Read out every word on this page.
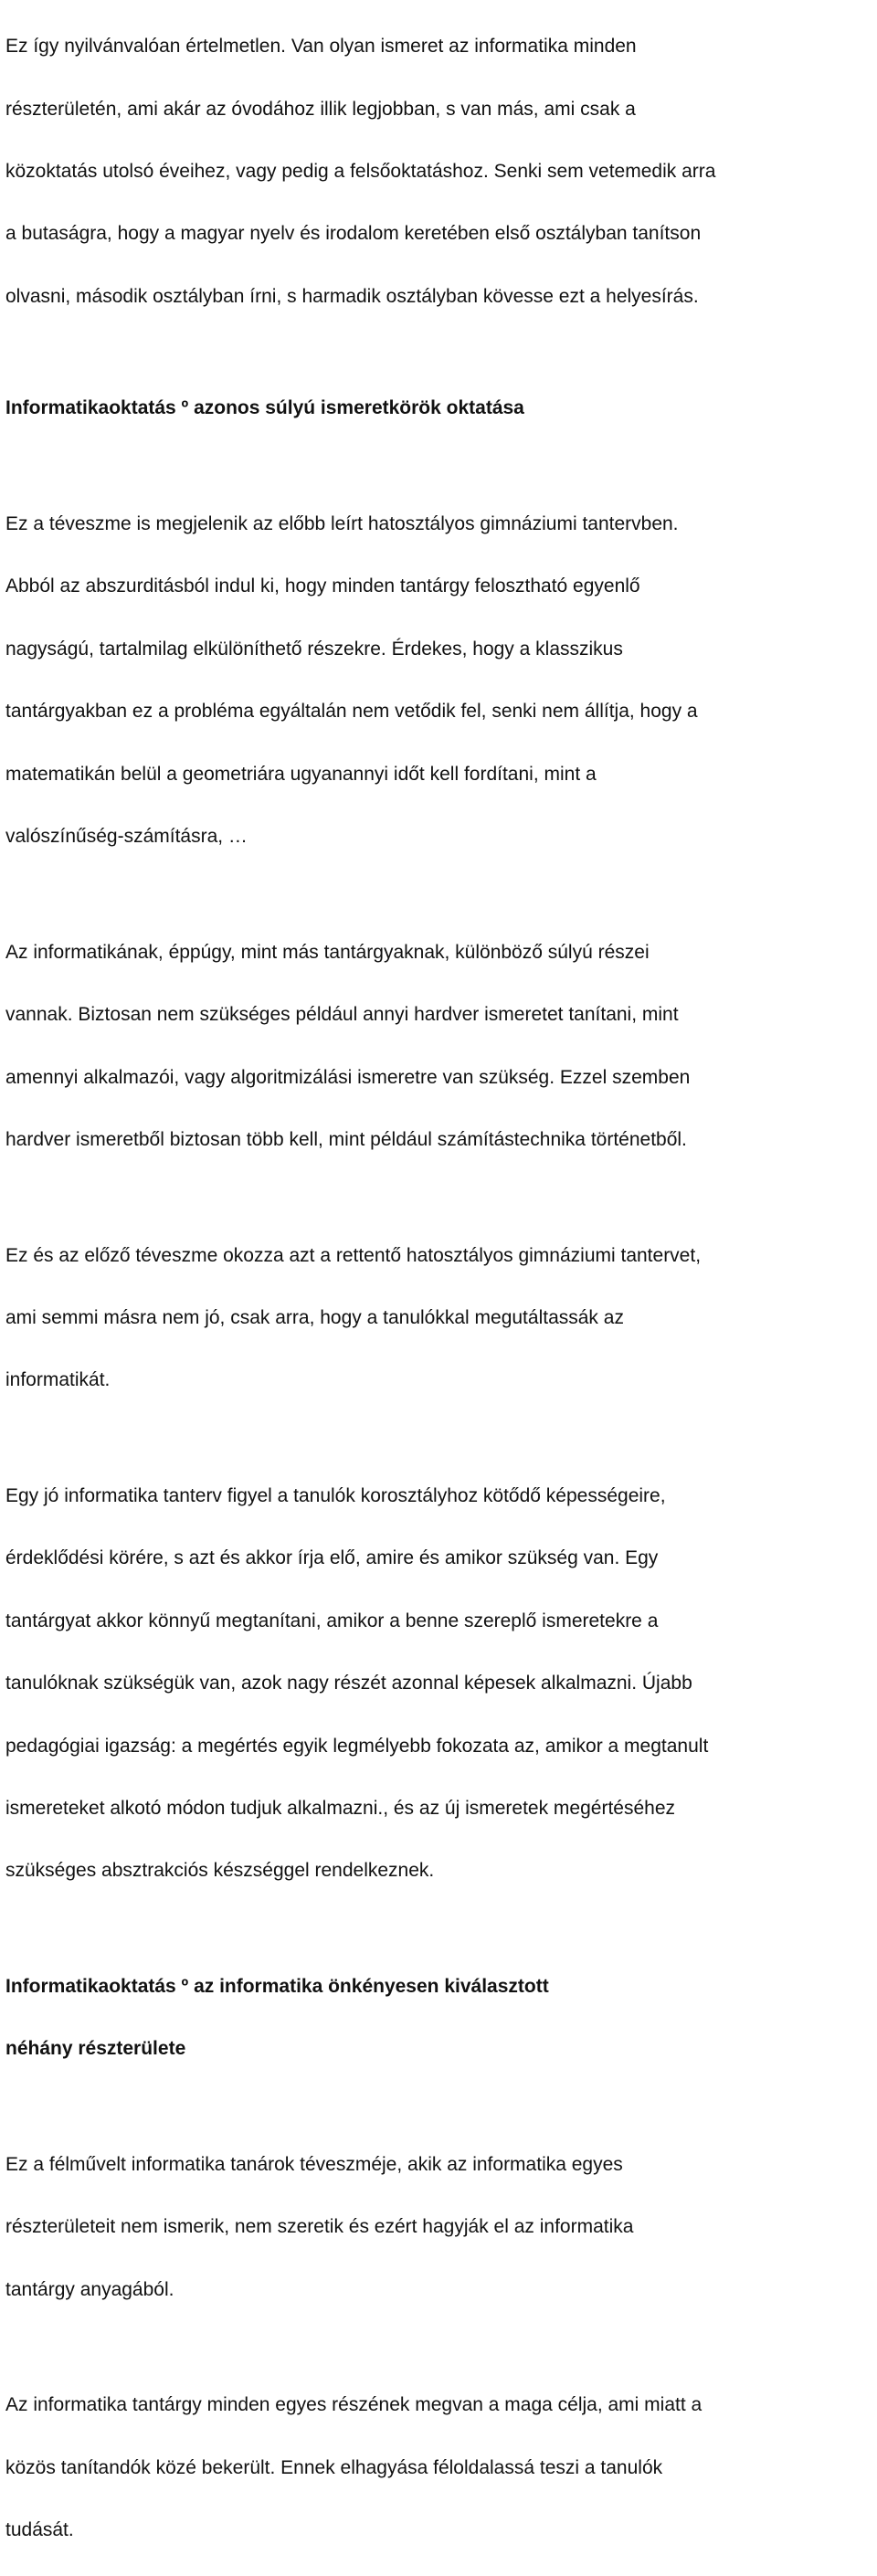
Ez így nyilvánvalóan értelmetlen. Van olyan ismeret az informatika minden

részterületén, ami akár az óvodához illik legjobban, s van más, ami csak a

közoktatás utolsó éveihez, vagy pedig a felsőoktatáshoz. Senki sem vetemedik arra

a butaságra, hogy a magyar nyelv és irodalom keretében első osztályban tanítson

olvasni, második osztályban írni, s harmadik osztályban kövesse ezt a helyesírás.

Informatikaoktatás º azonos súlyú ismeretkörök oktatása

Ez a téveszme is megjelenik az előbb leírt hatosztályos gimnáziumi tantervben.

Abból az abszurditásból indul ki, hogy minden tantárgy felosztható egyenlő

nagyságú, tartalmilag elkülöníthető részekre. Érdekes, hogy a klasszikus

tantárgyakban ez a probléma egyáltalán nem vetődik fel, senki nem állítja, hogy a

matematikán belül a geometriára ugyanannyi időt kell fordítani, mint a

valószínűség-számításra, …

Az informatikának, éppúgy, mint más tantárgyaknak, különböző súlyú részei

vannak. Biztosan nem szükséges például annyi hardver ismeretet tanítani, mint

amennyi alkalmazói, vagy algoritmizálási ismeretre van szükség. Ezzel szemben

hardver ismeretből biztosan több kell, mint például számítástechnika történetből.

Ez és az előző téveszme okozza azt a rettentő hatosztályos gimnáziumi tantervet,

ami semmi másra nem jó, csak arra, hogy a tanulókkal megutáltassák az

informatikát.

Egy jó informatika tanterv figyel a tanulók korosztályhoz kötődő képességeire,

érdeklődési körére, s azt és akkor írja elő, amire és amikor szükség van. Egy

tantárgyat akkor könnyű megtanítani, amikor a benne szereplő ismeretekre a

tanulóknak szükségük van, azok nagy részét azonnal képesek alkalmazni. Újabb

pedagógiai igazság: a megértés egyik legmélyebb fokozata az, amikor a megtanult

ismereteket alkotó módon tudjuk alkalmazni., és az új ismeretek megértéséhez

szükséges absztrakciós készséggel rendelkeznek.

Informatikaoktatás º az informatika önkényesen kiválasztott

néhány részterülete

Ez a félművelt informatika tanárok téveszméje, akik az informatika egyes

részterületeit nem ismerik, nem szeretik és ezért hagyják el az informatika

tantárgy anyagából.

Az informatika tantárgy minden egyes részének megvan a maga célja, ami miatt a

közös tanítandók közé bekerült. Ennek elhagyása féloldalassá teszi a tanulók

tudását.
